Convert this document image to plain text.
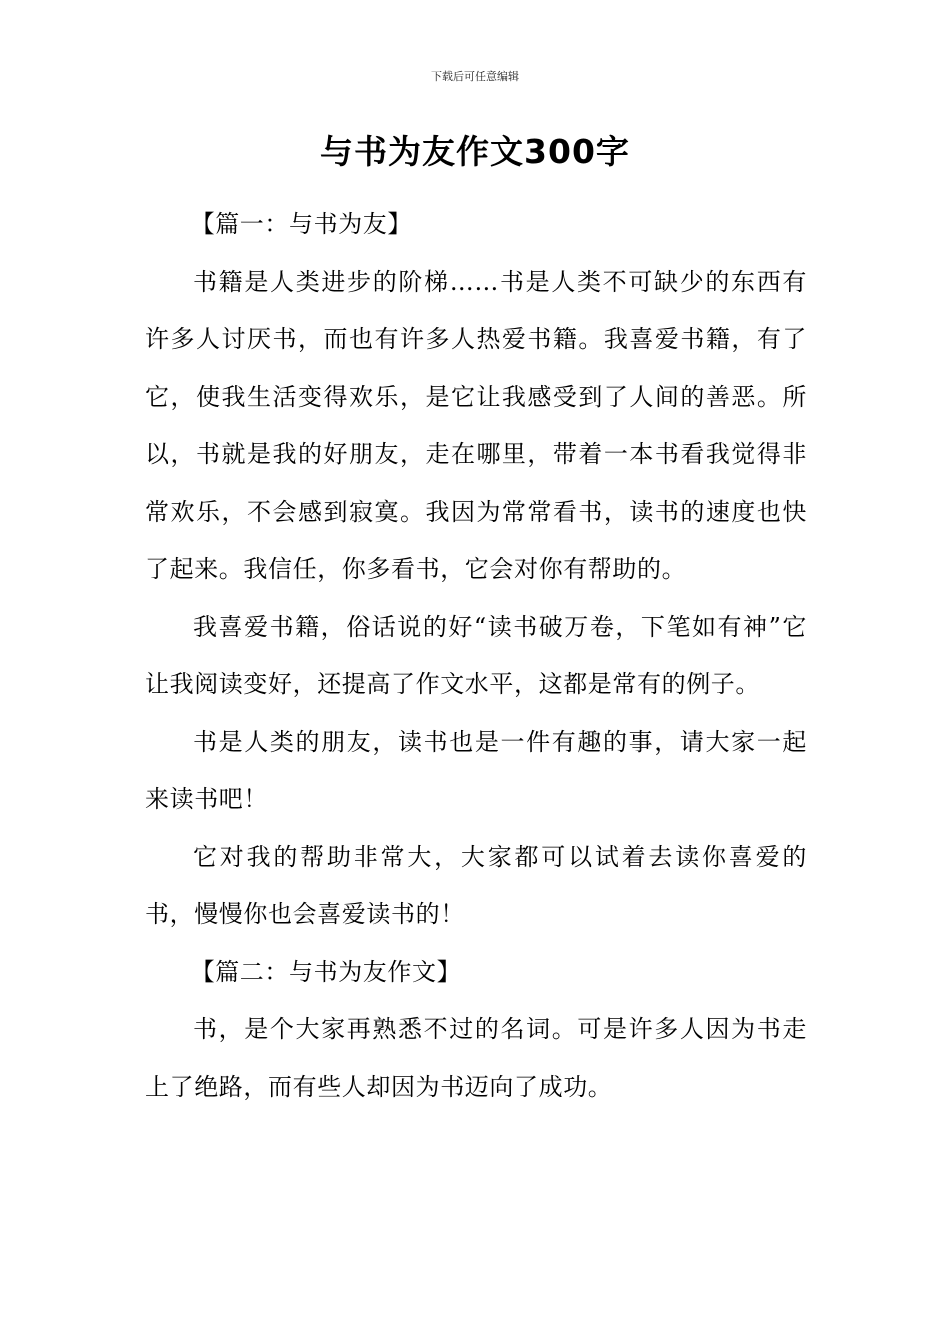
下载后可任意编辑
与书为友作文300字

【篇一：与书为友】

书籍是人类进步的阶梯……书是人类不可缺少的东西有许多人讨厌书，而也有许多人热爱书籍。我喜爱书籍，有了它，使我生活变得欢乐，是它让我感受到了人间的善恶。所以，书就是我的好朋友，走在哪里，带着一本书看我觉得非常欢乐，不会感到寂寞。我因为常常看书，读书的速度也快了起来。我信任，你多看书，它会对你有帮助的。

我喜爱书籍，俗话说的好“读书破万卷，下笔如有神”它让我阅读变好，还提高了作文水平，这都是常有的例子。

书是人类的朋友，读书也是一件有趣的事，请大家一起来读书吧！

它对我的帮助非常大，大家都可以试着去读你喜爱的书，慢慢你也会喜爱读书的！

【篇二：与书为友作文】

书，是个大家再熟悉不过的名词。可是许多人因为书走上了绝路，而有些人却因为书迈向了成功。
